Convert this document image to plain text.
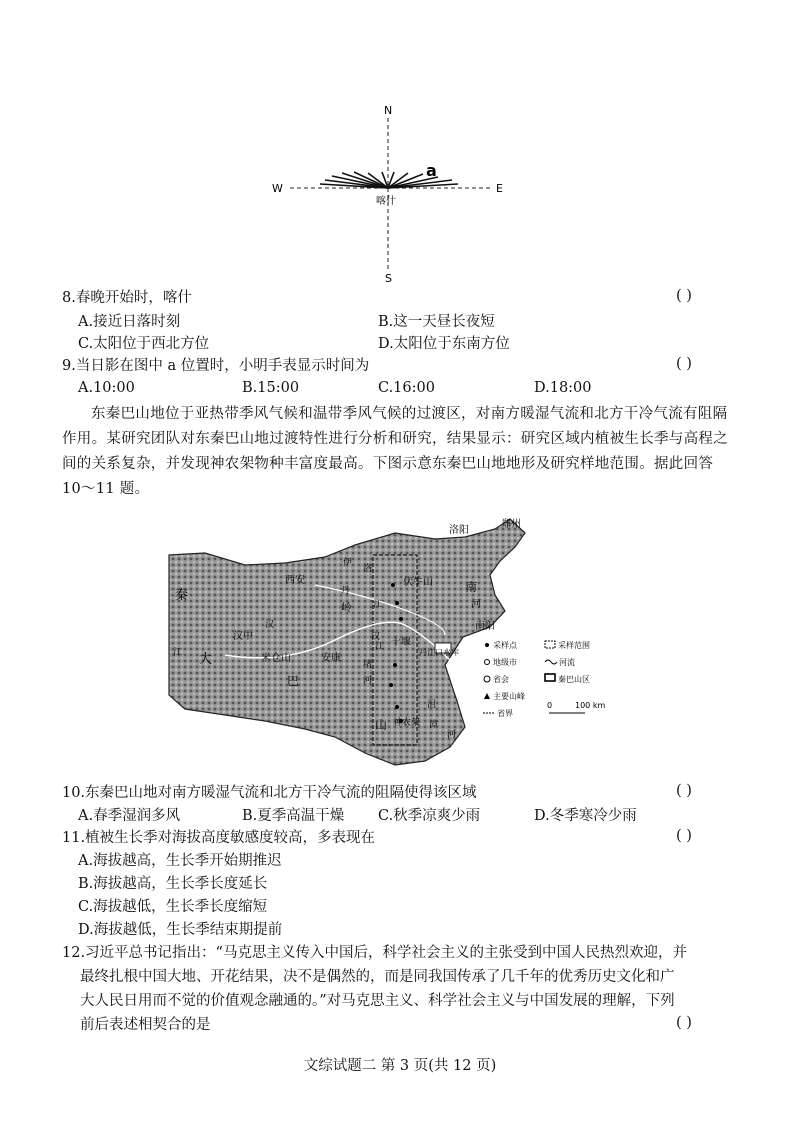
N
S
W	E
喀什
a
8.春晚开始时，喀什	( )
A.接近日落时刻	B.这一天昼长夜短
C.太阳位于西北方位	D.太阳位于东南方位
9.当日影在图中 a 位置时，小明手表显示时间为	( )
A.10:00	B.15:00	C.16:00	D.18:00
东秦巴山地位于亚热带季风气候和温带季风气候的过渡区，对南方暖湿气流和北方干冷气流有阻隔作用。某研究团队对东秦巴山地过渡特性进行分析和研究，结果显示：研究区域内植被生长季与高程之间的关系复杂，并发现神农架物种丰富度最高。下图示意东秦巴山地地形及研究样地范围。据此回答 10～11 题。
采样点	采样范围
地级市	河流
省会	秦巴山区
主要山峰
省界
0	100 km
洛阳
郑州
西安
汉中
安康
十堰
南阳
神农架
秦
岭
大
巴
山
汉
江
伏牛山
米仓山
南
河
伊
洛
丹
江
汉
江
堵
河
沮
漳
河
丹江口水库
10.东秦巴山地对南方暖湿气流和北方干冷气流的阻隔使得该区域	( )
A.春季湿润多风	B.夏季高温干燥 C.秋季凉爽少雨	D.冬季寒冷少雨
11.植被生长季对海拔高度敏感度较高，多表现在	( )
A.海拔越高，生长季开始期推迟
B.海拔越高，生长季长度延长
C.海拔越低，生长季长度缩短
D.海拔越低，生长季结束期提前
12.习近平总书记指出：“马克思主义传入中国后，科学社会主义的主张受到中国人民热烈欢迎，并
最终扎根中国大地、开花结果，决不是偶然的，而是同我国传承了几千年的优秀历史文化和广
大人民日用而不觉的价值观念融通的。”对马克思主义、科学社会主义与中国发展的理解，下列
前后表述相契合的是	( )
文综试题二 第 3 页(共 12 页)
